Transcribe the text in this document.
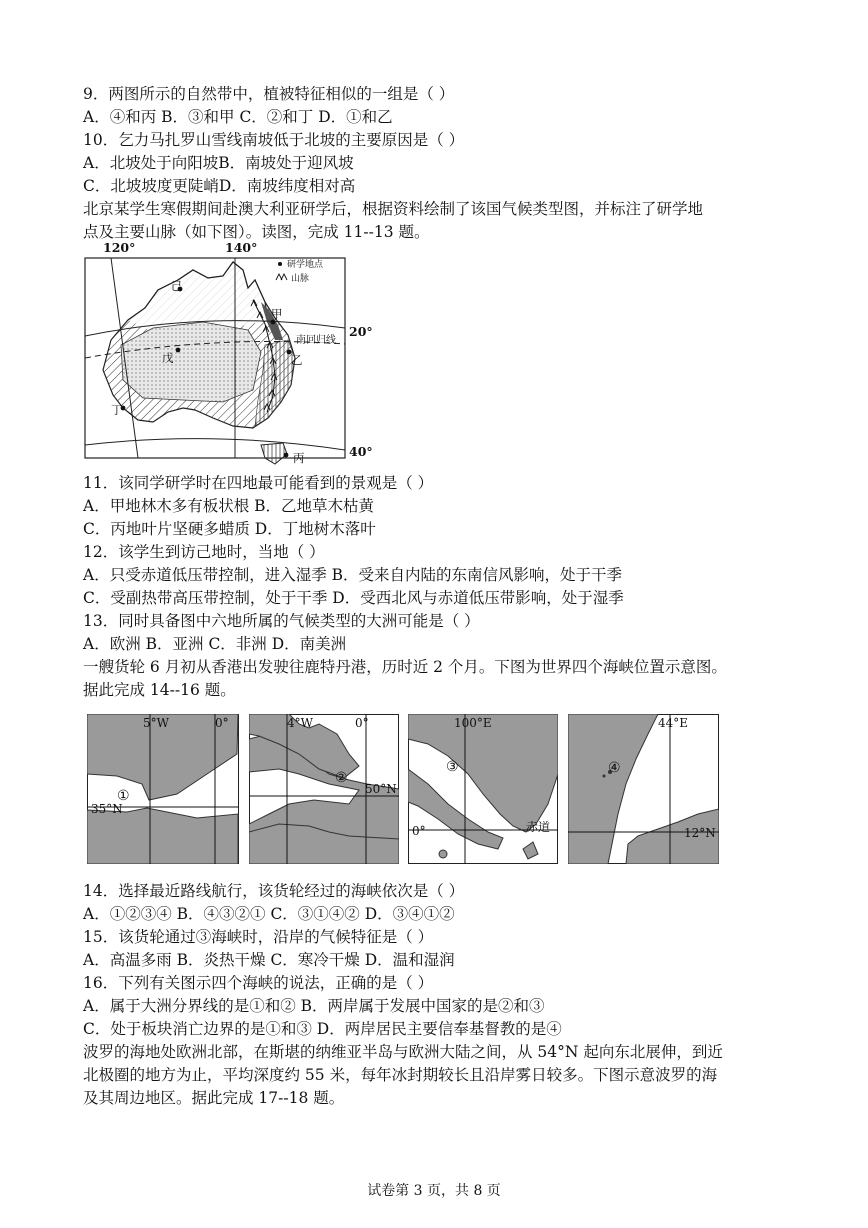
9．两图所示的自然带中，植被特征相似的一组是（ ）
A．④和丙 B．③和甲 C．②和丁 D．①和乙
10．乞力马扎罗山雪线南坡低于北坡的主要原因是（ ）
A．北坡处于向阳坡B．南坡处于迎风坡
C．北坡坡度更陡峭D．南坡纬度相对高
北京某学生寒假期间赴澳大利亚研学后，根据资料绘制了该国气候类型图，并标注了研学地
点及主要山脉（如下图）。读图，完成 11--13 题。
120°	140°
20°
40°
研学地点
山脉
南回归线
己
甲
乙
戊
丁
丙
11．该同学研学时在四地最可能看到的景观是（ ）
A．甲地林木多有板状根 B．乙地草木枯黄
C．丙地叶片坚硬多蜡质 D．丁地树木落叶
12．该学生到访己地时，当地（ ）
A．只受赤道低压带控制，进入湿季 B．受来自内陆的东南信风影响，处于干季
C．受副热带高压带控制，处于干季 D．受西北风与赤道低压带影响，处于湿季
13．同时具备图中六地所属的气候类型的大洲可能是（ ）
A．欧洲 B．亚洲 C．非洲 D．南美洲
一艘货轮 6 月初从香港出发驶往鹿特丹港，历时近 2 个月。下图为世界四个海峡位置示意图。
据此完成 14--16 题。
5°W	0°
①
35°N
4°W	0°
②
50°N
100°E
③
0°	赤道
44°E
④
12°N
14．选择最近路线航行，该货轮经过的海峡依次是（ ）
A．①②③④ B．④③②① C．③①④② D．③④①②
15．该货轮通过③海峡时，沿岸的气候特征是（ ）
A．高温多雨 B．炎热干燥 C．寒冷干燥 D．温和湿润
16．下列有关图示四个海峡的说法，正确的是（ ）
A．属于大洲分界线的是①和② B．两岸属于发展中国家的是②和③
C．处于板块消亡边界的是①和③ D．两岸居民主要信奉基督教的是④
波罗的海地处欧洲北部，在斯堪的纳维亚半岛与欧洲大陆之间，从 54°N 起向东北展伸，到近
北极圈的地方为止，平均深度约 55 米，每年冰封期较长且沿岸雾日较多。下图示意波罗的海
及其周边地区。据此完成 17--18 题。
试卷第 3 页，共 8 页
